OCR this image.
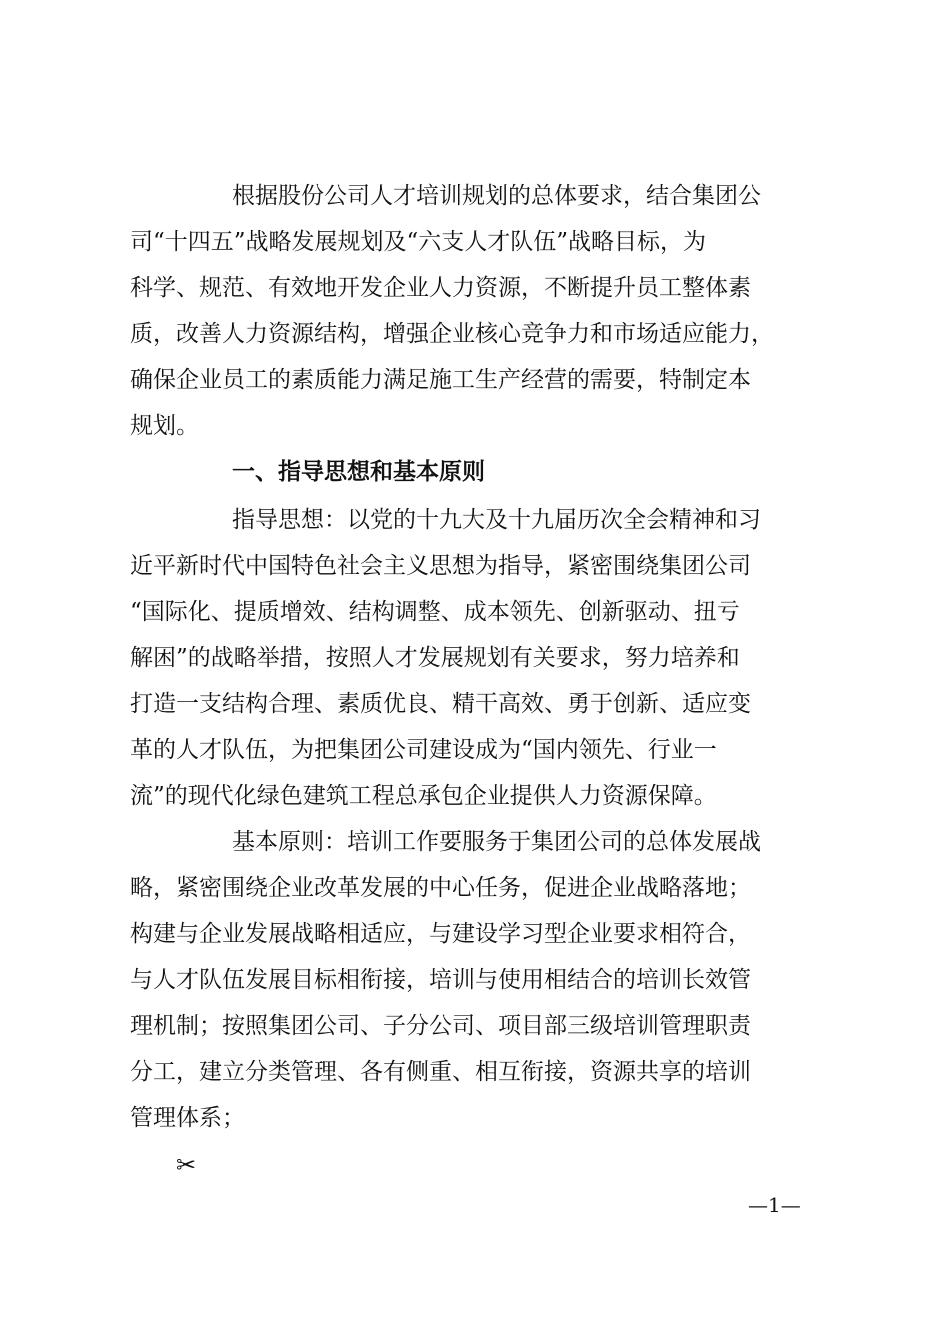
根据股份公司人才培训规划的总体要求，结合集团公
司“十四五”战略发展规划及“六支人才队伍”战略目标，为
科学、规范、有效地开发企业人力资源，不断提升员工整体素
质，改善人力资源结构，增强企业核心竞争力和市场适应能力，
确保企业员工的素质能力满足施工生产经营的需要，特制定本
规划。
一、指导思想和基本原则
指导思想：以党的十九大及十九届历次全会精神和习
近平新时代中国特色社会主义思想为指导，紧密围绕集团公司
“国际化、提质增效、结构调整、成本领先、创新驱动、扭亏
解困”的战略举措，按照人才发展规划有关要求，努力培养和
打造一支结构合理、素质优良、精干高效、勇于创新、适应变
革的人才队伍，为把集团公司建设成为“国内领先、行业一
流”的现代化绿色建筑工程总承包企业提供人力资源保障。
基本原则：培训工作要服务于集团公司的总体发展战
略，紧密围绕企业改革发展的中心任务，促进企业战略落地；
构建与企业发展战略相适应，与建设学习型企业要求相符合，
与人才队伍发展目标相衔接，培训与使用相结合的培训长效管
理机制；按照集团公司、子分公司、项目部三级培训管理职责
分工，建立分类管理、各有侧重、相互衔接，资源共享的培训
管理体系；
✂
—1—
